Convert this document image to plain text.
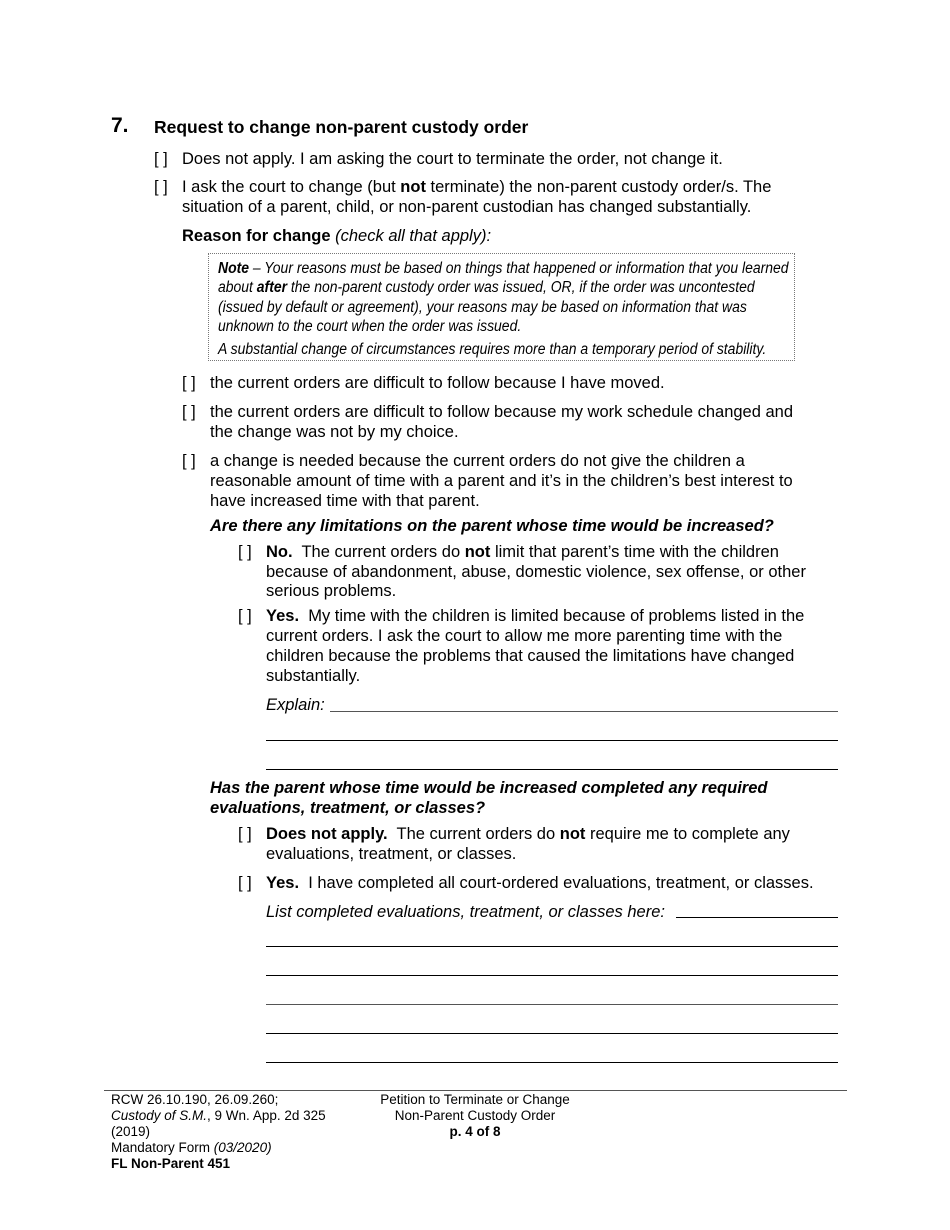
7. Request to change non-parent custody order
[ ] Does not apply. I am asking the court to terminate the order, not change it.
[ ] I ask the court to change (but not terminate) the non-parent custody order/s. The
situation of a parent, child, or non-parent custodian has changed substantially.
Reason for change (check all that apply):
Note – Your reasons must be based on things that happened or information that you learned
about after the non-parent custody order was issued, OR, if the order was uncontested
(issued by default or agreement), your reasons may be based on information that was
unknown to the court when the order was issued.
A substantial change of circumstances requires more than a temporary period of stability.
[ ] the current orders are difficult to follow because I have moved.
[ ] the current orders are difficult to follow because my work schedule changed and
the change was not by my choice.
[ ] a change is needed because the current orders do not give the children a
reasonable amount of time with a parent and it’s in the children’s best interest to
have increased time with that parent.
Are there any limitations on the parent whose time would be increased?
[ ] No.  The current orders do not limit that parent’s time with the children
because of abandonment, abuse, domestic violence, sex offense, or other
serious problems.
[ ] Yes.  My time with the children is limited because of problems listed in the
current orders. I ask the court to allow me more parenting time with the
children because the problems that caused the limitations have changed
substantially.
Explain:
Has the parent whose time would be increased completed any required
evaluations, treatment, or classes?
[ ] Does not apply.  The current orders do not require me to complete any
evaluations, treatment, or classes.
[ ] Yes.  I have completed all court-ordered evaluations, treatment, or classes.
List completed evaluations, treatment, or classes here:
RCW 26.10.190, 26.09.260;
Custody of S.M., 9 Wn. App. 2d 325
(2019)
Mandatory Form (03/2020)
FL Non-Parent 451
Petition to Terminate or Change
Non-Parent Custody Order
p. 4 of 8
